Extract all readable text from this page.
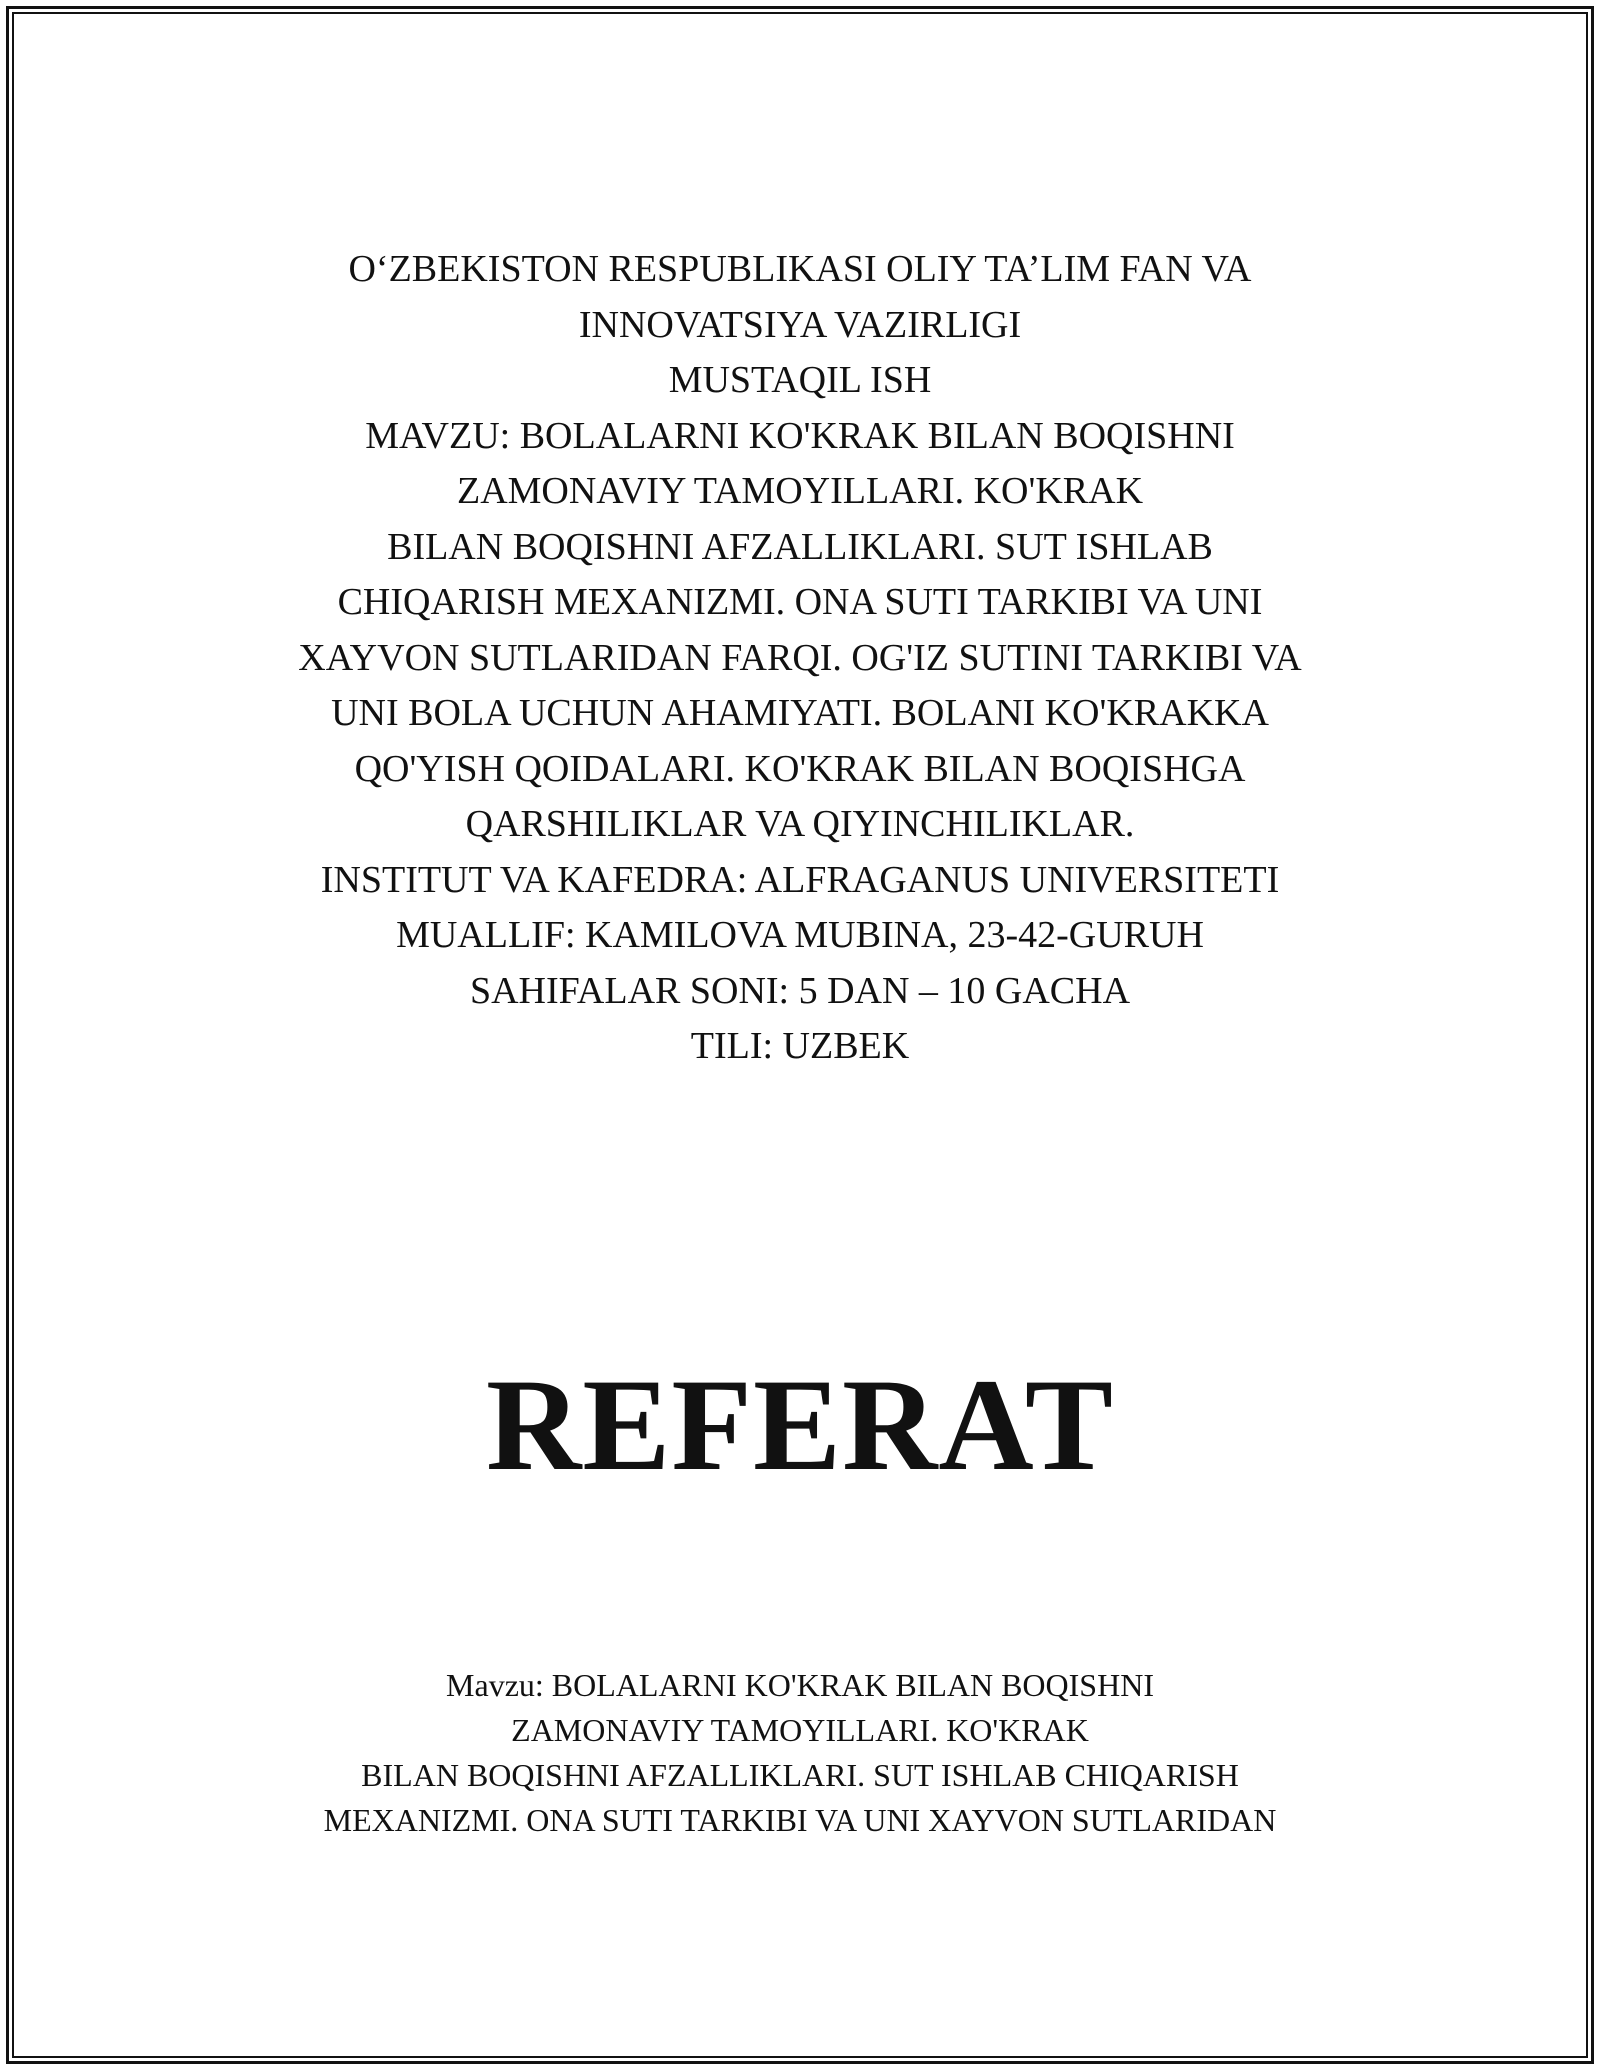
O‘ZBEKISTON RESPUBLIKASI OLIY TA’LIM FAN VA
INNOVATSIYA VAZIRLIGI
MUSTAQIL ISH
MAVZU: BOLALARNI KO'KRAK BILAN BOQISHNI
ZAMONAVIY TAMOYILLARI. KO'KRAK
BILAN BOQISHNI AFZALLIKLARI. SUT ISHLAB
CHIQARISH MEXANIZMI. ONA SUTI TARKIBI VA UNI
XAYVON SUTLARIDAN FARQI. OG'IZ SUTINI TARKIBI VA
UNI BOLA UCHUN AHAMIYATI. BOLANI KO'KRAKKA
QO'YISH QOIDALARI. KO'KRAK BILAN BOQISHGA
QARSHILIKLAR VA QIYINCHILIKLAR.
INSTITUT VA KAFEDRA: ALFRAGANUS UNIVERSITETI
MUALLIF: KAMILOVA MUBINA, 23-42-GURUH
SAHIFALAR SONI: 5 DAN – 10 GACHA
TILI: UZBEK
REFERAT
Mavzu: BOLALARNI KO'KRAK BILAN BOQISHNI
ZAMONAVIY TAMOYILLARI. KO'KRAK
BILAN BOQISHNI AFZALLIKLARI. SUT ISHLAB CHIQARISH
MEXANIZMI. ONA SUTI TARKIBI VA UNI XAYVON SUTLARIDAN
